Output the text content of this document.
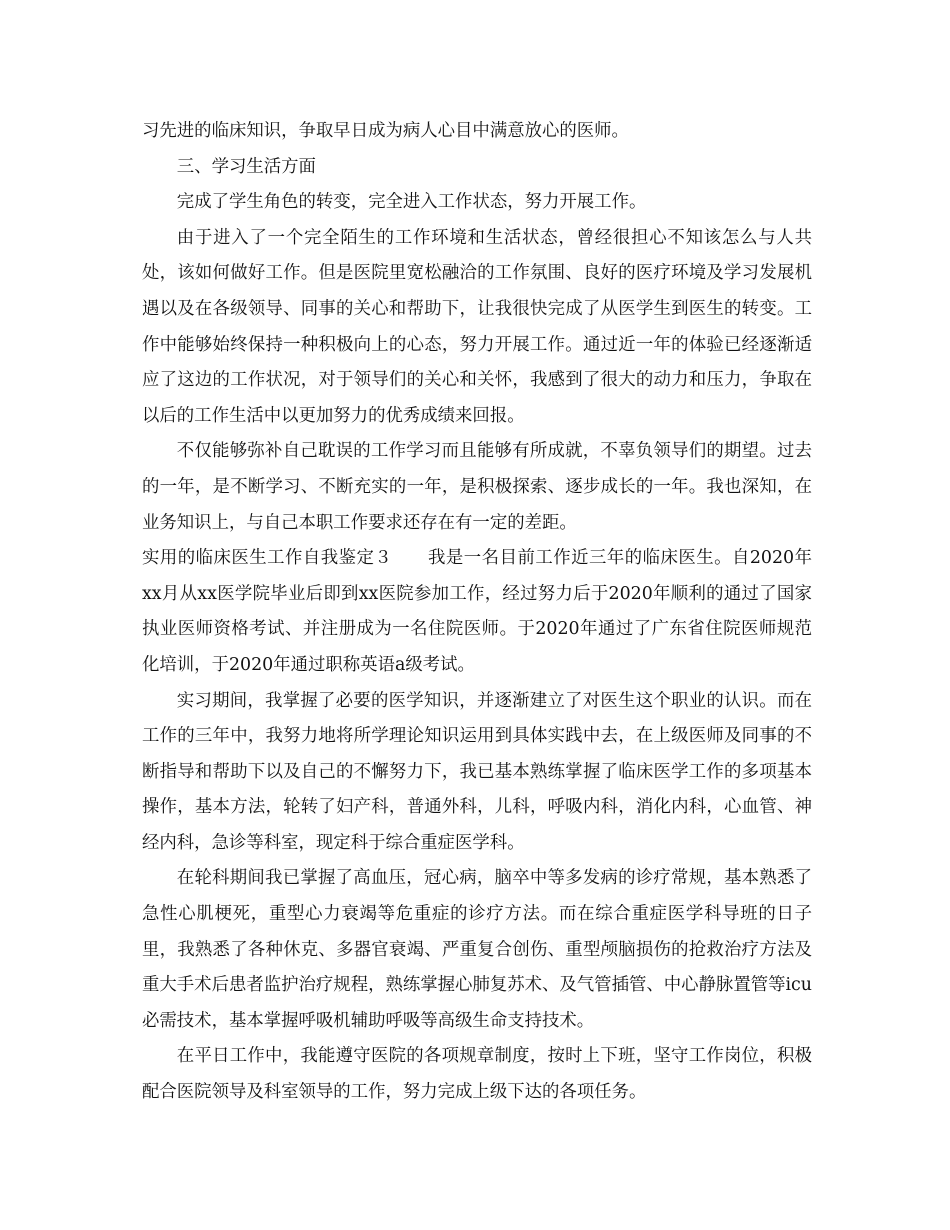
习先进的临床知识，争取早日成为病人心目中满意放心的医师。

三、学习生活方面

完成了学生角色的转变，完全进入工作状态，努力开展工作。

由于进入了一个完全陌生的工作环境和生活状态，曾经很担心不知该怎么与人共处，该如何做好工作。但是医院里宽松融洽的工作氛围、良好的医疗环境及学习发展机遇以及在各级领导、同事的关心和帮助下，让我很快完成了从医学生到医生的转变。工作中能够始终保持一种积极向上的心态，努力开展工作。通过近一年的体验已经逐渐适应了这边的工作状况，对于领导们的关心和关怀，我感到了很大的动力和压力，争取在以后的工作生活中以更加努力的优秀成绩来回报。

不仅能够弥补自己耽误的工作学习而且能够有所成就，不辜负领导们的期望。过去的一年，是不断学习、不断充实的一年，是积极探索、逐步成长的一年。我也深知，在业务知识上，与自己本职工作要求还存在有一定的差距。

实用的临床医生工作自我鉴定３　　我是一名目前工作近三年的临床医生。自2020年xx月从xx医学院毕业后即到xx医院参加工作，经过努力后于2020年顺利的通过了国家执业医师资格考试、并注册成为一名住院医师。于2020年通过了广东省住院医师规范化培训，于2020年通过职称英语a级考试。

实习期间，我掌握了必要的医学知识，并逐渐建立了对医生这个职业的认识。而在工作的三年中，我努力地将所学理论知识运用到具体实践中去，在上级医师及同事的不断指导和帮助下以及自己的不懈努力下，我已基本熟练掌握了临床医学工作的多项基本操作，基本方法，轮转了妇产科，普通外科，儿科，呼吸内科，消化内科，心血管、神经内科，急诊等科室，现定科于综合重症医学科。

在轮科期间我已掌握了高血压，冠心病，脑卒中等多发病的诊疗常规，基本熟悉了急性心肌梗死，重型心力衰竭等危重症的诊疗方法。而在综合重症医学科导班的日子里，我熟悉了各种休克、多器官衰竭、严重复合创伤、重型颅脑损伤的抢救治疗方法及重大手术后患者监护治疗规程，熟练掌握心肺复苏术、及气管插管、中心静脉置管等icu必需技术，基本掌握呼吸机辅助呼吸等高级生命支持技术。

在平日工作中，我能遵守医院的各项规章制度，按时上下班，坚守工作岗位，积极配合医院领导及科室领导的工作，努力完成上级下达的各项任务。
